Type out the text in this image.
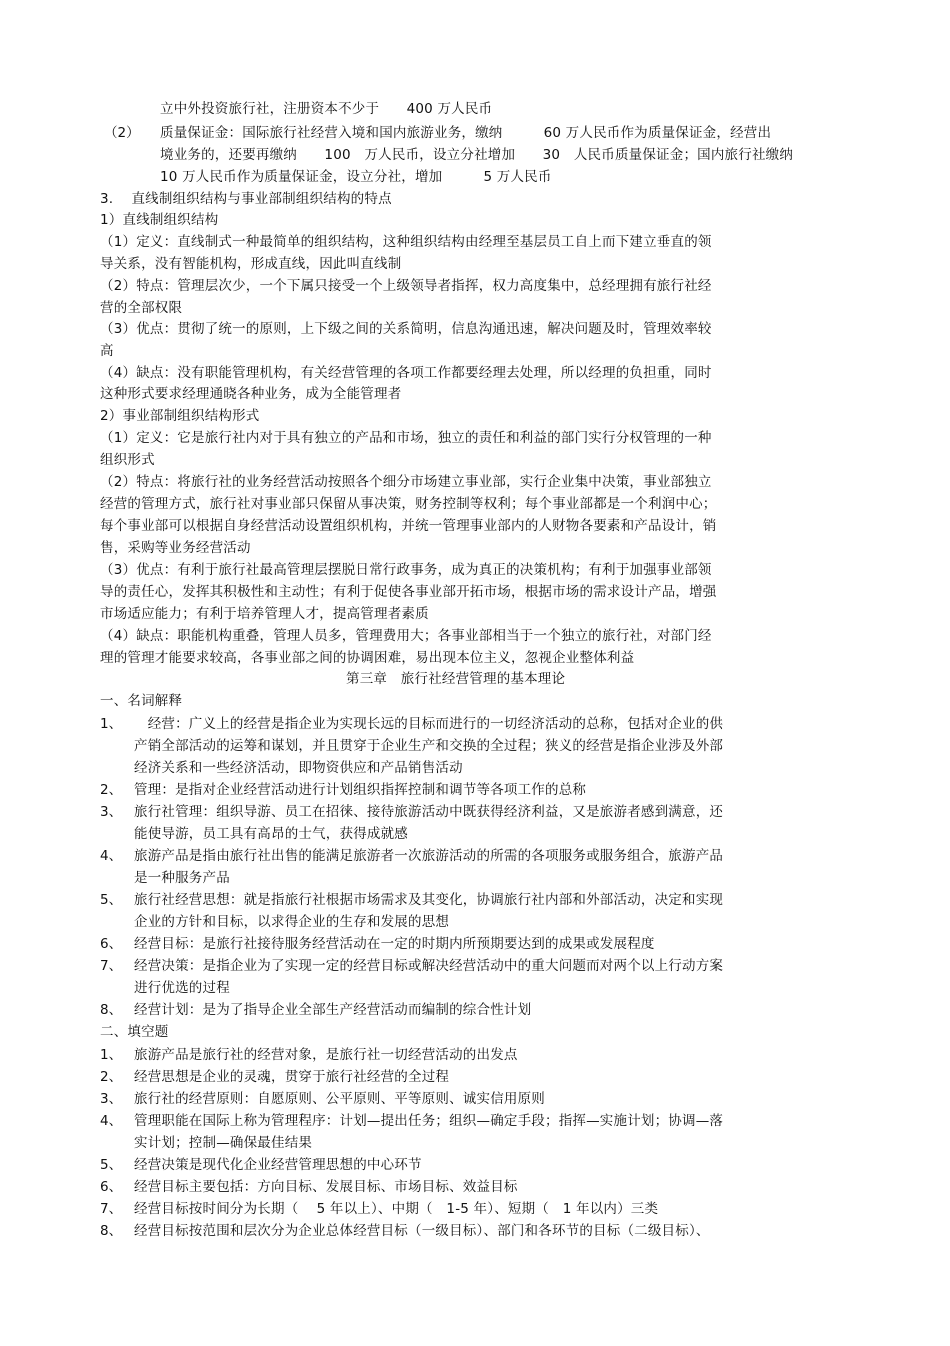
立中外投资旅行社，注册资本不少于　　400 万人民币
（2） 质量保证金：国际旅行社经营入境和国内旅游业务，缴纳　　　60 万人民币作为质量保证金，经营出
境业务的，还要再缴纳　　100　万人民币，设立分社增加　　30　人民币质量保证金；国内旅行社缴纳
10 万人民币作为质量保证金，设立分社，增加　　　5 万人民币
3.　 直线制组织结构与事业部制组织结构的特点
1）直线制组织结构
（1）定义：直线制式一种最简单的组织结构，这种组织结构由经理至基层员工自上而下建立垂直的领
导关系，没有智能机构，形成直线，因此叫直线制
（2）特点：管理层次少，一个下属只接受一个上级领导者指挥，权力高度集中，总经理拥有旅行社经
营的全部权限
（3）优点：贯彻了统一的原则，上下级之间的关系简明，信息沟通迅速，解决问题及时，管理效率较
高
（4）缺点：没有职能管理机构，有关经营管理的各项工作都要经理去处理，所以经理的负担重，同时
这种形式要求经理通晓各种业务，成为全能管理者
2）事业部制组织结构形式
（1）定义：它是旅行社内对于具有独立的产品和市场，独立的责任和利益的部门实行分权管理的一种
组织形式
（2）特点：将旅行社的业务经营活动按照各个细分市场建立事业部，实行企业集中决策，事业部独立
经营的管理方式，旅行社对事业部只保留从事决策，财务控制等权利；每个事业部都是一个利润中心；
每个事业部可以根据自身经营活动设置组织机构，并统一管理事业部内的人财物各要素和产品设计，销
售，采购等业务经营活动
（3）优点：有利于旅行社最高管理层摆脱日常行政事务，成为真正的决策机构；有利于加强事业部领
导的责任心，发挥其积极性和主动性；有利于促使各事业部开拓市场，根据市场的需求设计产品，增强
市场适应能力；有利于培养管理人才，提高管理者素质
（4）缺点：职能机构重叠，管理人员多，管理费用大；各事业部相当于一个独立的旅行社，对部门经
理的管理才能要求较高，各事业部之间的协调困难，易出现本位主义，忽视企业整体利益
第三章　旅行社经营管理的基本理论
一、名词解释
1、 　经营：广义上的经营是指企业为实现长远的目标而进行的一切经济活动的总称，包括对企业的供
产销全部活动的运筹和谋划，并且贯穿于企业生产和交换的全过程；狭义的经营是指企业涉及外部
经济关系和一些经济活动，即物资供应和产品销售活动
2、 管理：是指对企业经营活动进行计划组织指挥控制和调节等各项工作的总称
3、 旅行社管理：组织导游、员工在招徕、接待旅游活动中既获得经济利益，又是旅游者感到满意，还
能使导游，员工具有高昂的士气，获得成就感
4、 旅游产品是指由旅行社出售的能满足旅游者一次旅游活动的所需的各项服务或服务组合，旅游产品
是一种服务产品
5、 旅行社经营思想：就是指旅行社根据市场需求及其变化，协调旅行社内部和外部活动，决定和实现
企业的方针和目标，以求得企业的生存和发展的思想
6、 经营目标：是旅行社接待服务经营活动在一定的时期内所预期要达到的成果或发展程度
7、 经营决策：是指企业为了实现一定的经营目标或解决经营活动中的重大问题而对两个以上行动方案
进行优选的过程
8、 经营计划：是为了指导企业全部生产经营活动而编制的综合性计划
二、填空题
1、 旅游产品是旅行社的经营对象，是旅行社一切经营活动的出发点
2、 经营思想是企业的灵魂，贯穿于旅行社经营的全过程
3、 旅行社的经营原则：自愿原则、公平原则、平等原则、诚实信用原则
4、 管理职能在国际上称为管理程序：计划—提出任务；组织—确定手段；指挥—实施计划；协调—落
实计划；控制—确保最佳结果
5、 经营决策是现代化企业经营管理思想的中心环节
6、 经营目标主要包括：方向目标、发展目标、市场目标、效益目标
7、 经营目标按时间分为长期（　 5 年以上）、中期（　1-5 年）、短期（　1 年以内）三类
8、 经营目标按范围和层次分为企业总体经营目标（一级目标）、部门和各环节的目标（二级目标）、
